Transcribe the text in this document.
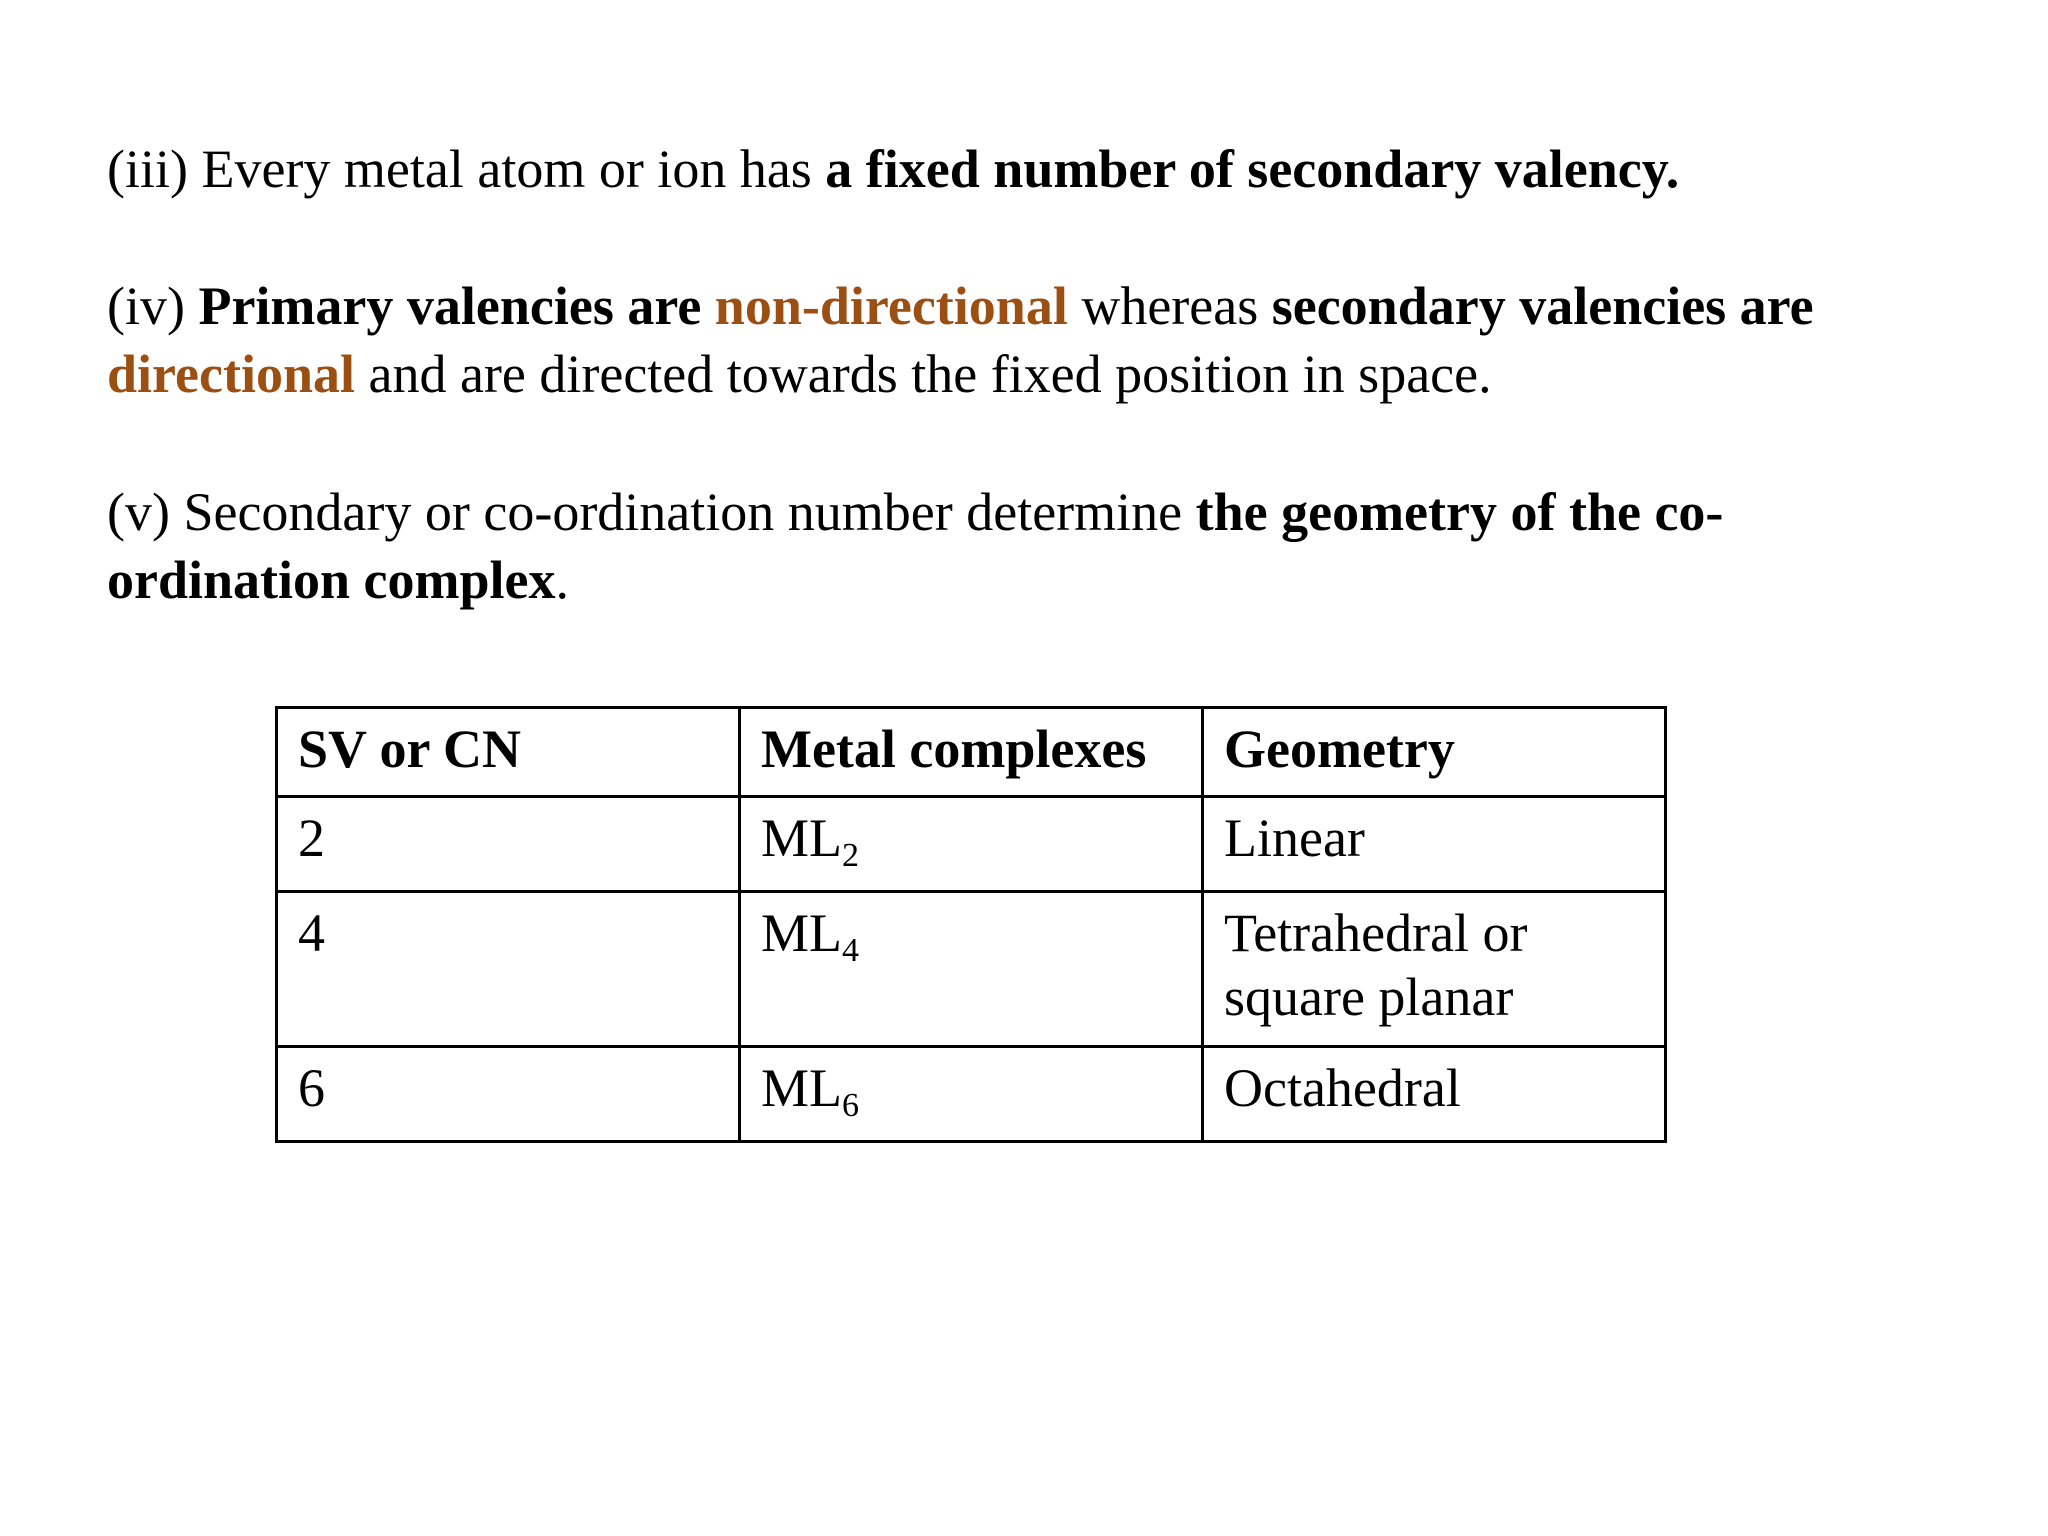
(iii) Every metal atom or ion has a fixed number of secondary valency.

(iv) Primary valencies are non-directional whereas secondary valencies are directional and are directed towards the fixed position in space.

(v) Secondary or co-ordination number determine the geometry of the co-ordination complex.

SV or CN	Metal complexes	Geometry
2	$ML_2$	Linear
4	$ML_4$	Tetrahedral or square planar
6	$ML_6$	Octahedral
